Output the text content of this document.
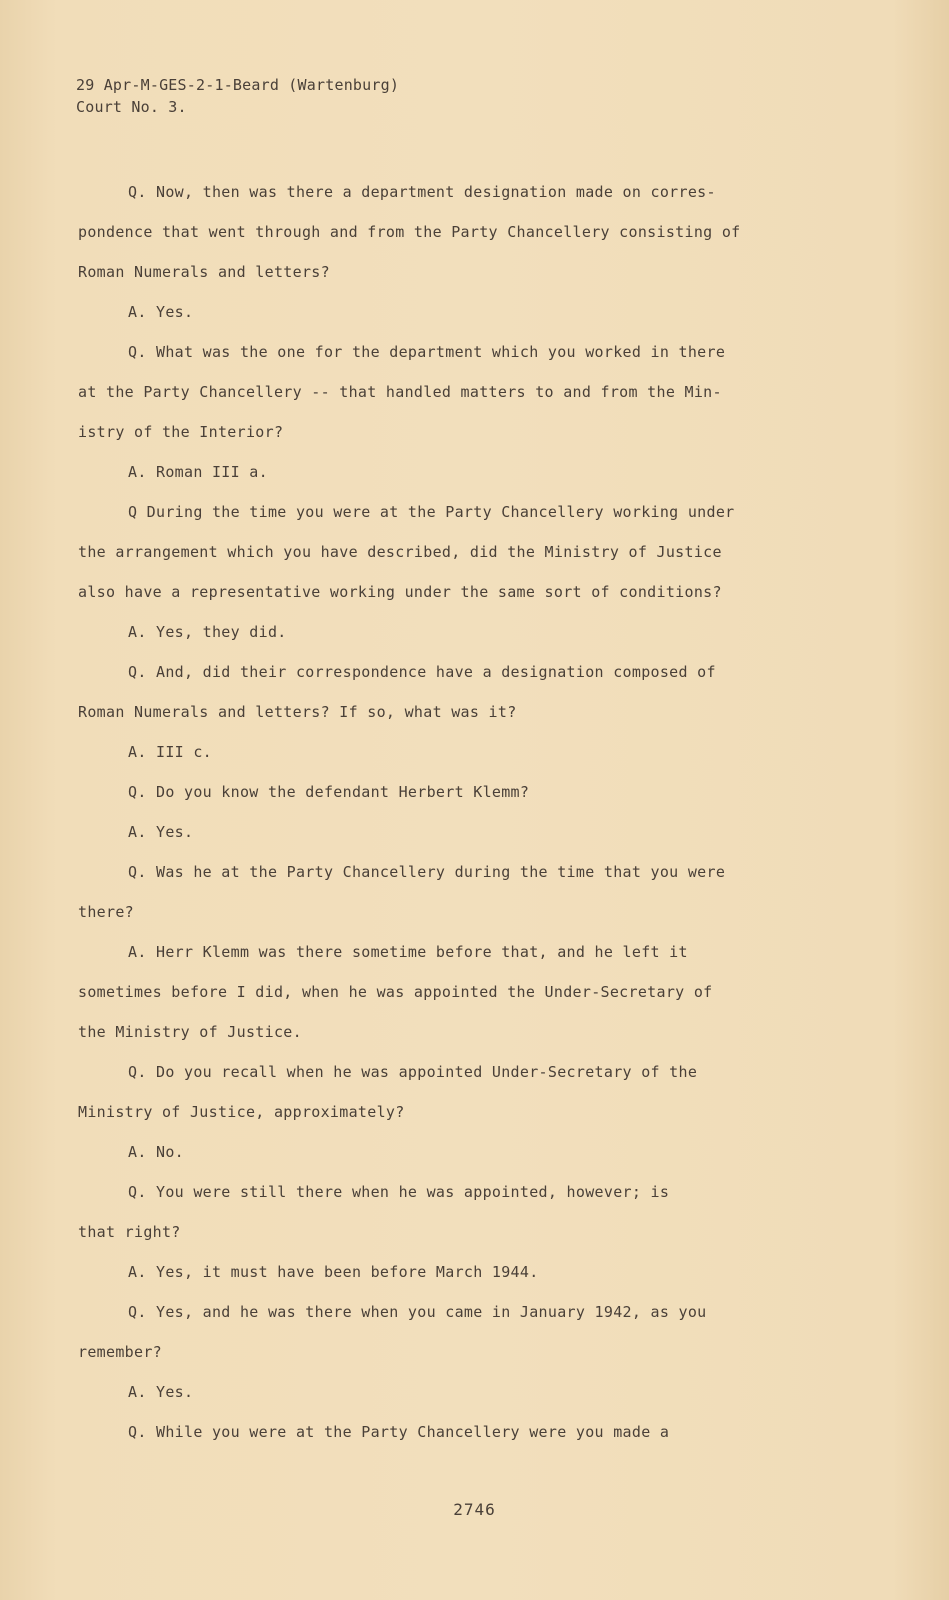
29 Apr-M-GES-2-1-Beard (Wartenburg)
Court No. 3.
Q. Now, then was there a department designation made on corres-
pondence that went through and from the Party Chancellery consisting of
Roman Numerals and letters?
A. Yes.
Q. What was the one for the department which you worked in there
at the Party Chancellery -- that handled matters to and from the Min-
istry of the Interior?
A. Roman III a.
Q During the time you were at the Party Chancellery working under
the arrangement which you have described, did the Ministry of Justice
also have a representative working under the same sort of conditions?
A. Yes, they did.
Q. And, did their correspondence have a designation composed of
Roman Numerals and letters? If so, what was it?
A. III c.
Q. Do you know the defendant Herbert Klemm?
A. Yes.
Q. Was he at the Party Chancellery during the time that you were
there?
A. Herr Klemm was there sometime before that, and he left it
sometimes before I did, when he was appointed the Under-Secretary of
the Ministry of Justice.
Q. Do you recall when he was appointed Under-Secretary of the
Ministry of Justice, approximately?
A. No.
Q. You were still there when he was appointed, however; is
that right?
A. Yes, it must have been before March 1944.
Q. Yes, and he was there when you came in January 1942, as you
remember?
A. Yes.
Q. While you were at the Party Chancellery were you made a
2746
